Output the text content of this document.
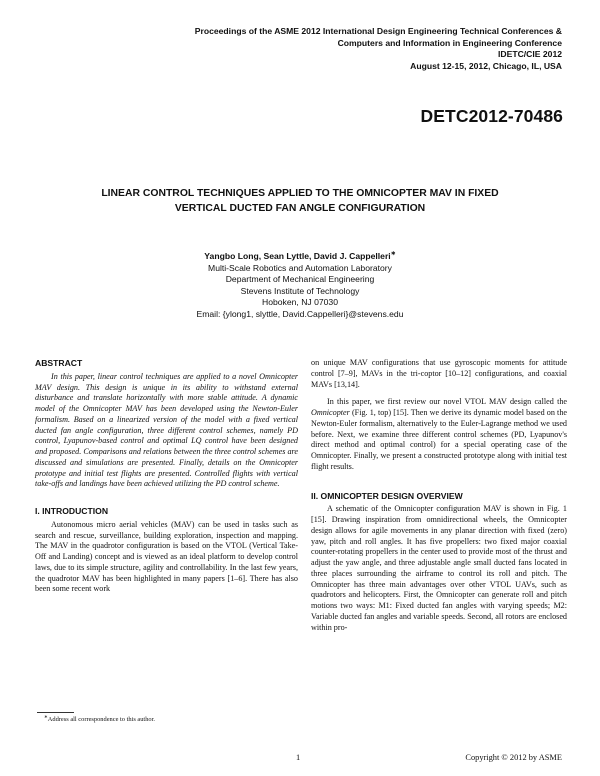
Proceedings of the ASME 2012 International Design Engineering Technical Conferences &
Computers and Information in Engineering Conference
IDETC/CIE 2012
August 12-15, 2012, Chicago, IL, USA
DETC2012-70486
LINEAR CONTROL TECHNIQUES APPLIED TO THE OMNICOPTER MAV IN FIXED
VERTICAL DUCTED FAN ANGLE CONFIGURATION
Yangbo Long, Sean Lyttle, David J. Cappelleri∗
Multi-Scale Robotics and Automation Laboratory
Department of Mechanical Engineering
Stevens Institute of Technology
Hoboken, NJ 07030
Email: {ylong1, slyttle, David.Cappelleri}@stevens.edu
ABSTRACT

In this paper, linear control techniques are applied to a novel Omnicopter MAV design. This design is unique in its ability to withstand external disturbance and translate horizontally with more stable attitude. A dynamic model of the Omnicopter MAV has been developed using the Newton-Euler formalism. Based on a linearized version of the model with a fixed vertical ducted fan angle configuration, three different control schemes, namely PD control, Lyapunov-based control and optimal LQ control have been designed and proposed. Comparisons and relations between the three control schemes are discussed and simulations are presented. Finally, details on the Omnicopter prototype and initial test flights are presented. Controlled flights with vertical take-offs and landings have been achieved utilizing the PD control scheme.

I. INTRODUCTION

Autonomous micro aerial vehicles (MAV) can be used in tasks such as search and rescue, surveillance, building exploration, inspection and mapping. The MAV in the quadrotor configuration is based on the VTOL (Vertical Take-Off and Landing) concept and is viewed as an ideal platform to develop control laws, due to its simple structure, agility and controllability. In the last few years, the quadrotor MAV has been highlighted in many papers [1–6]. There has also been some recent work

on unique MAV configurations that use gyroscopic moments for attitude control [7–9], MAVs in the tri-coptor [10–12] configurations, and coaxial MAVs [13,14].

In this paper, we first review our novel VTOL MAV design called the Omnicopter (Fig. 1, top) [15]. Then we derive its dynamic model based on the Newton-Euler formalism, alternatively to the Euler-Lagrange method we used before. Next, we examine three different control schemes (PD, Lyapunov's direct method and optimal control) for a special operating case of the Omnicopter. Finally, we present a constructed prototype along with initial test flight results.

II. OMNICOPTER DESIGN OVERVIEW

A schematic of the Omnicopter configuration MAV is shown in Fig. 1 [15]. Drawing inspiration from omnidirectional wheels, the Omnicopter design allows for agile movements in any planar direction with fixed (zero) yaw, pitch and roll angles. It has five propellers: two fixed major coaxial counter-rotating propellers in the center used to provide most of the thrust and adjust the yaw angle, and three adjustable angle small ducted fans located in three places surrounding the airframe to control its roll and pitch. The Omnicopter has three main advantages over other VTOL UAVs, such as quadrotors and helicopters. First, the Omnicopter can generate roll and pitch motions two ways: M1: Fixed ducted fan angles with varying speeds; M2: Variable ducted fan angles and variable speeds. Second, all rotors are enclosed within pro-

∗Address all correspondence to this author.
1	Copyright © 2012 by ASME
